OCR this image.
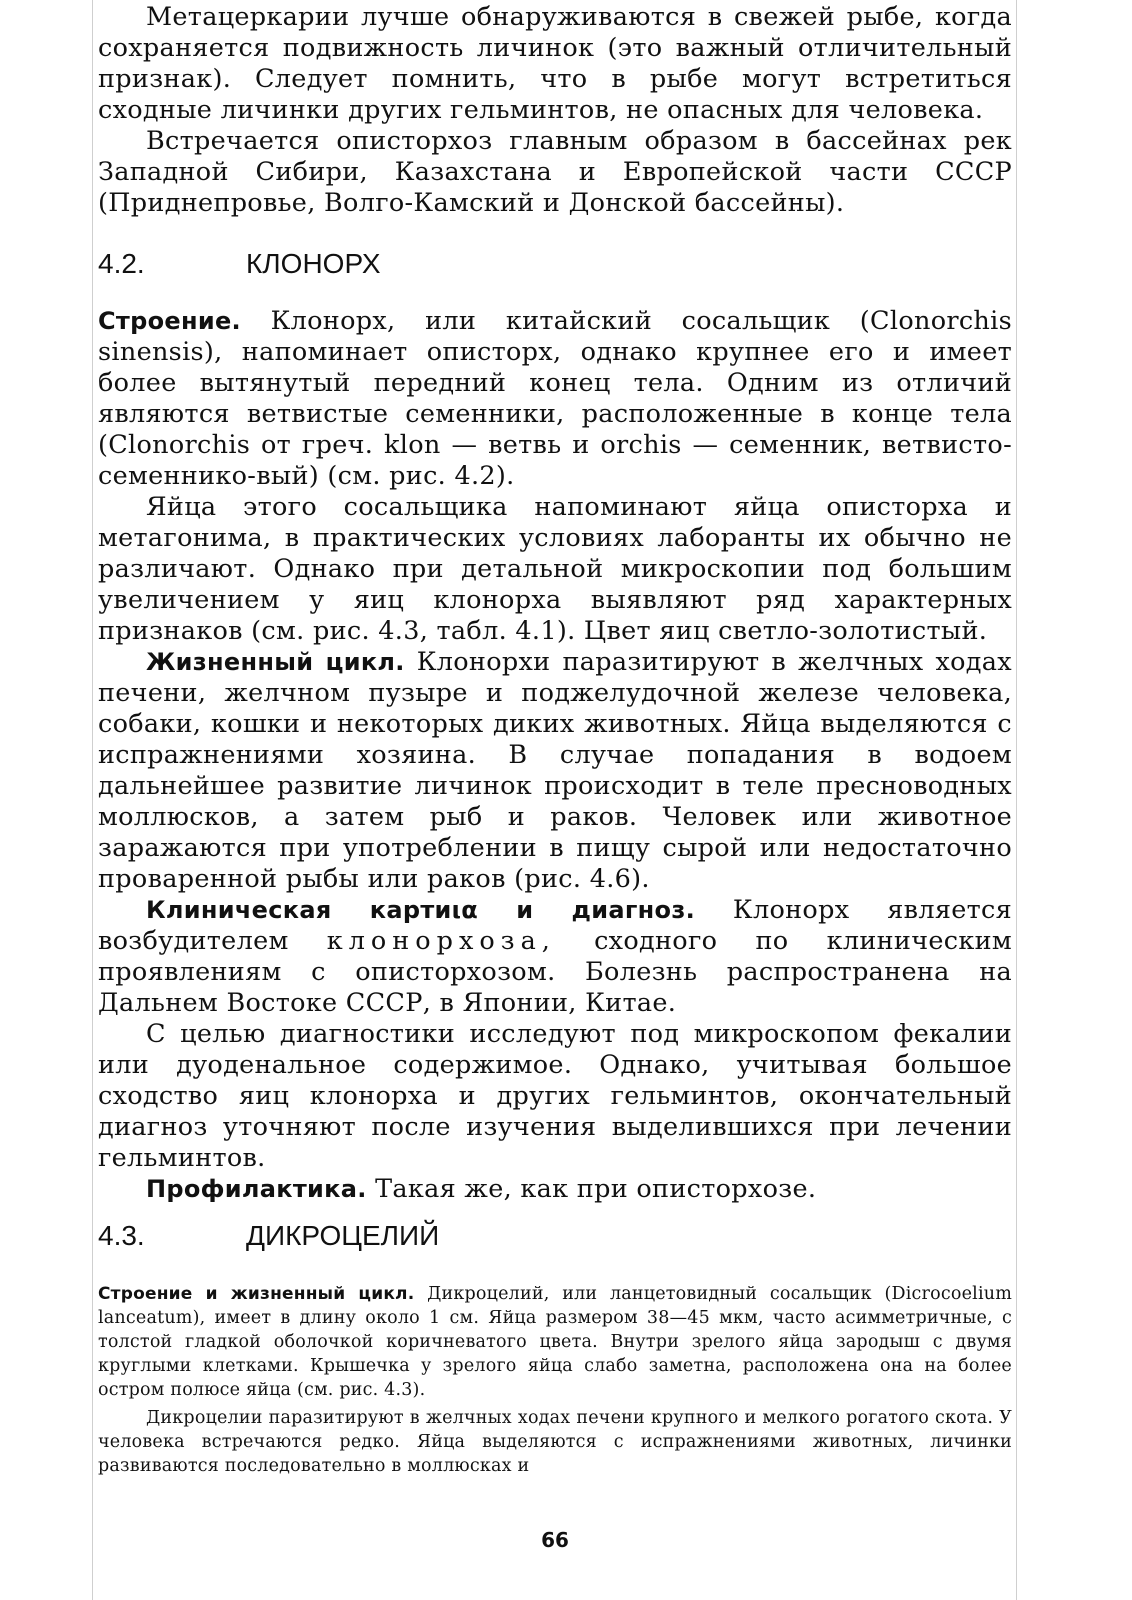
Метацеркарии лучше обнаруживаются в свежей рыбе, когда сохраняется подвижность личинок (это важный отличительный признак). Следует помнить, что в рыбе могут встретиться сходные личинки других гельминтов, не опасных для человека.

Встречается описторхоз главным образом в бассейнах рек Западной Сибири, Казахстана и Европейской части СССР (Приднепровье, Волго-Камский и Донской бассейны).

4.2.	КЛОНОРХ

Строение. Клонорх, или китайский сосальщик (Clonorchis sinensis), напоминает описторх, однако крупнее его и имеет более вытянутый передний конец тела. Одним из отличий являются ветвистые семенники, расположенные в конце тела (Clonorchis от греч. klon — ветвь и orchis — семенник, ветвисто-семеннико-вый) (см. рис. 4.2).

Яйца этого сосальщика напоминают яйца описторха и метагонима, в практических условиях лаборанты их обычно не различают. Однако при детальной микроскопии под большим увеличением у яиц клонорха выявляют ряд характерных признаков (см. рис. 4.3, табл. 4.1). Цвет яиц светло-золотистый.

Жизненный цикл. Клонорхи паразитируют в желчных ходах печени, желчном пузыре и поджелудочной железе человека, собаки, кошки и некоторых диких животных. Яйца выделяются с испражнениями хозяина. В случае попадания в водоем дальнейшее развитие личинок происходит в теле пресноводных моллюсков, а затем рыб и раков. Человек или животное заражаются при употреблении в пищу сырой или недостаточно проваренной рыбы или раков (рис. 4.6).

Клиническая картиια и диагноз. Клонорх является возбудителем клонорхоза, сходного по клиническим проявлениям с описторхозом. Болезнь распространена на Дальнем Востоке СССР, в Японии, Китае.

С целью диагностики исследуют под микроскопом фекалии или дуоденальное содержимое. Однако, учитывая большое сходство яиц клонорха и других гельминтов, окончательный диагноз уточняют после изучения выделившихся при лечении гельминтов.

Профилактика. Такая же, как при описторхозе.

4.3.	ДИКРОЦЕЛИЙ

Строение и жизненный цикл. Дикроцелий, или ланцетовидный сосальщик (Dicrocoelium lanceatum), имеет в длину около 1 см. Яйца размером 38—45 мкм, часто асимметричные, с толстой гладкой оболочкой коричневатого цвета. Внутри зрелого яйца зародыш с двумя круглыми клетками. Крышечка у зрелого яйца слабо заметна, расположена она на более остром полюсе яйца (см. рис. 4.3).

Дикроцелии паразитируют в желчных ходах печени крупного и мелкого рогатого скота. У человека встречаются редко. Яйца выделяются с испражнениями животных, личинки развиваются последовательно в моллюсках и

66
